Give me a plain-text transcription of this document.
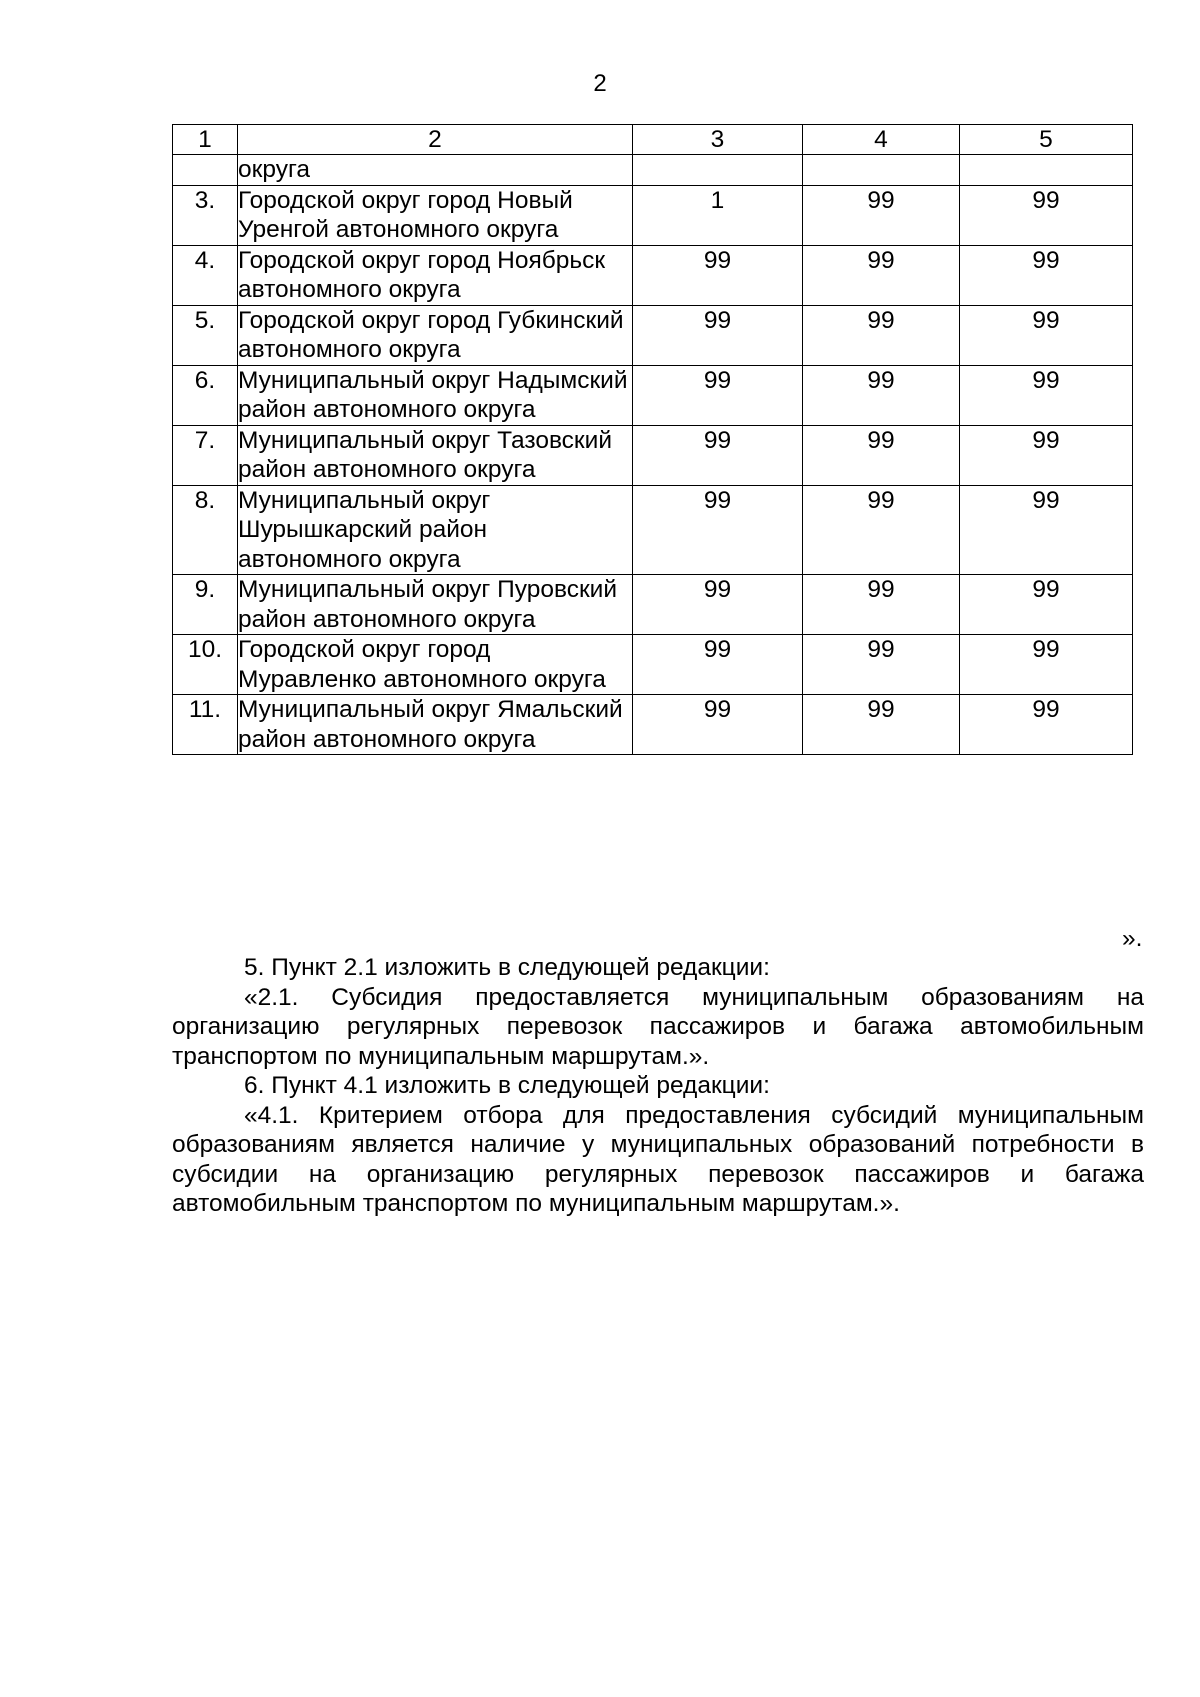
2
1	2	3	4	5
	округа			
3.	Городской округ город Новый Уренгой автономного округа	1	99	99
4.	Городской округ город Ноябрьск автономного округа	99	99	99
5.	Городской округ город Губкинский автономного округа	99	99	99
6.	Муниципальный округ Надымский район автономного округа	99	99	99
7.	Муниципальный округ Тазовский район автономного округа	99	99	99
8.	Муниципальный округ Шурышкарский район автономного округа	99	99	99
9.	Муниципальный округ Пуровский район автономного округа	99	99	99
10.	Городской округ город Муравленко автономного округа	99	99	99
11.	Муниципальный округ Ямальский район автономного округа	99	99	99
».

5. Пункт 2.1 изложить в следующей редакции:

«2.1. Субсидия предоставляется муниципальным образованиям на организацию регулярных перевозок пассажиров и багажа автомобильным транспортом по муниципальным маршрутам.».

6. Пункт 4.1 изложить в следующей редакции:

«4.1. Критерием отбора для предоставления субсидий муниципальным образованиям является наличие у муниципальных образований потребности в субсидии на организацию регулярных перевозок пассажиров и багажа автомобильным транспортом по муниципальным маршрутам.».
